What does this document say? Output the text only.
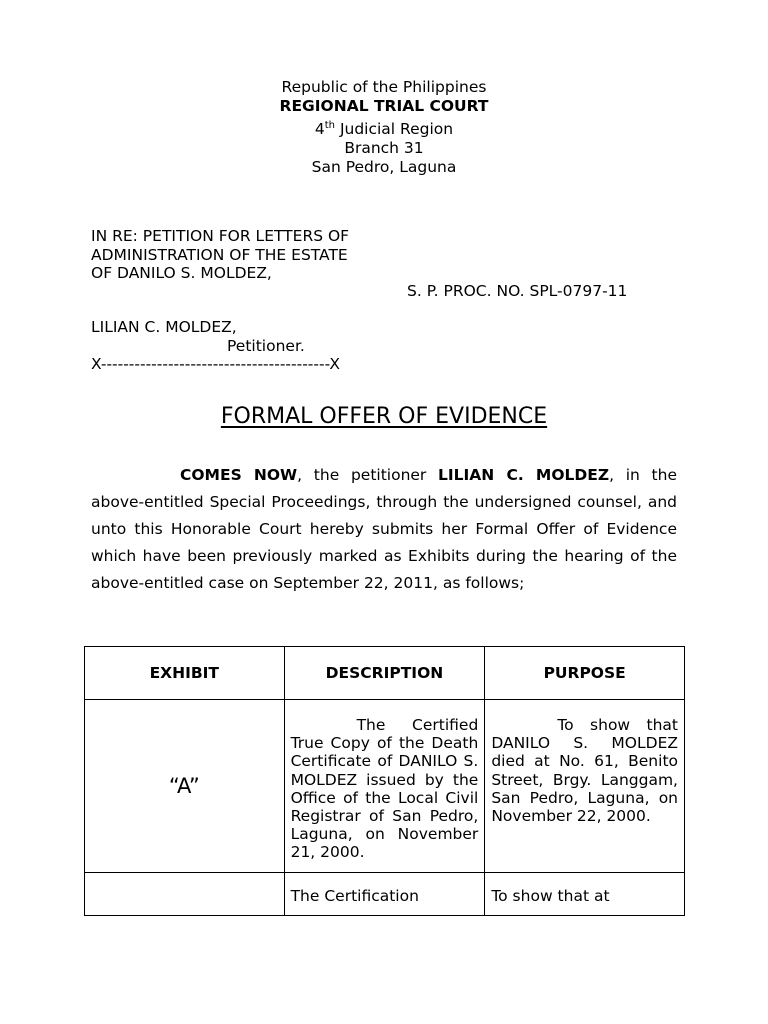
Republic of the Philippines
REGIONAL TRIAL COURT
4th Judicial Region
Branch 31
San Pedro, Laguna
IN RE: PETITION FOR LETTERS OF
ADMINISTRATION OF THE ESTATE
OF DANILO S. MOLDEZ,
S. P. PROC. NO. SPL-0797-11
LILIAN C. MOLDEZ,
Petitioner.
X-----------------------------------------X
FORMAL OFFER OF EVIDENCE

COMES NOW, the petitioner LILIAN C. MOLDEZ, in the above-entitled Special Proceedings, through the undersigned counsel, and unto this Honorable Court hereby submits her Formal Offer of Evidence which have been previously marked as Exhibits during the hearing of the above-entitled case on September 22, 2011, as follows;

EXHIBIT	DESCRIPTION	PURPOSE
“A”	The Certified True Copy of the Death Certificate of DANILO S. MOLDEZ issued by the Office of the Local Civil Registrar of San Pedro, Laguna, on November 21, 2000.	To show that DANILO S. MOLDEZ died at No. 61, Benito Street, Brgy. Langgam, San Pedro, Laguna, on November 22, 2000.

	The Certification	To show that at
